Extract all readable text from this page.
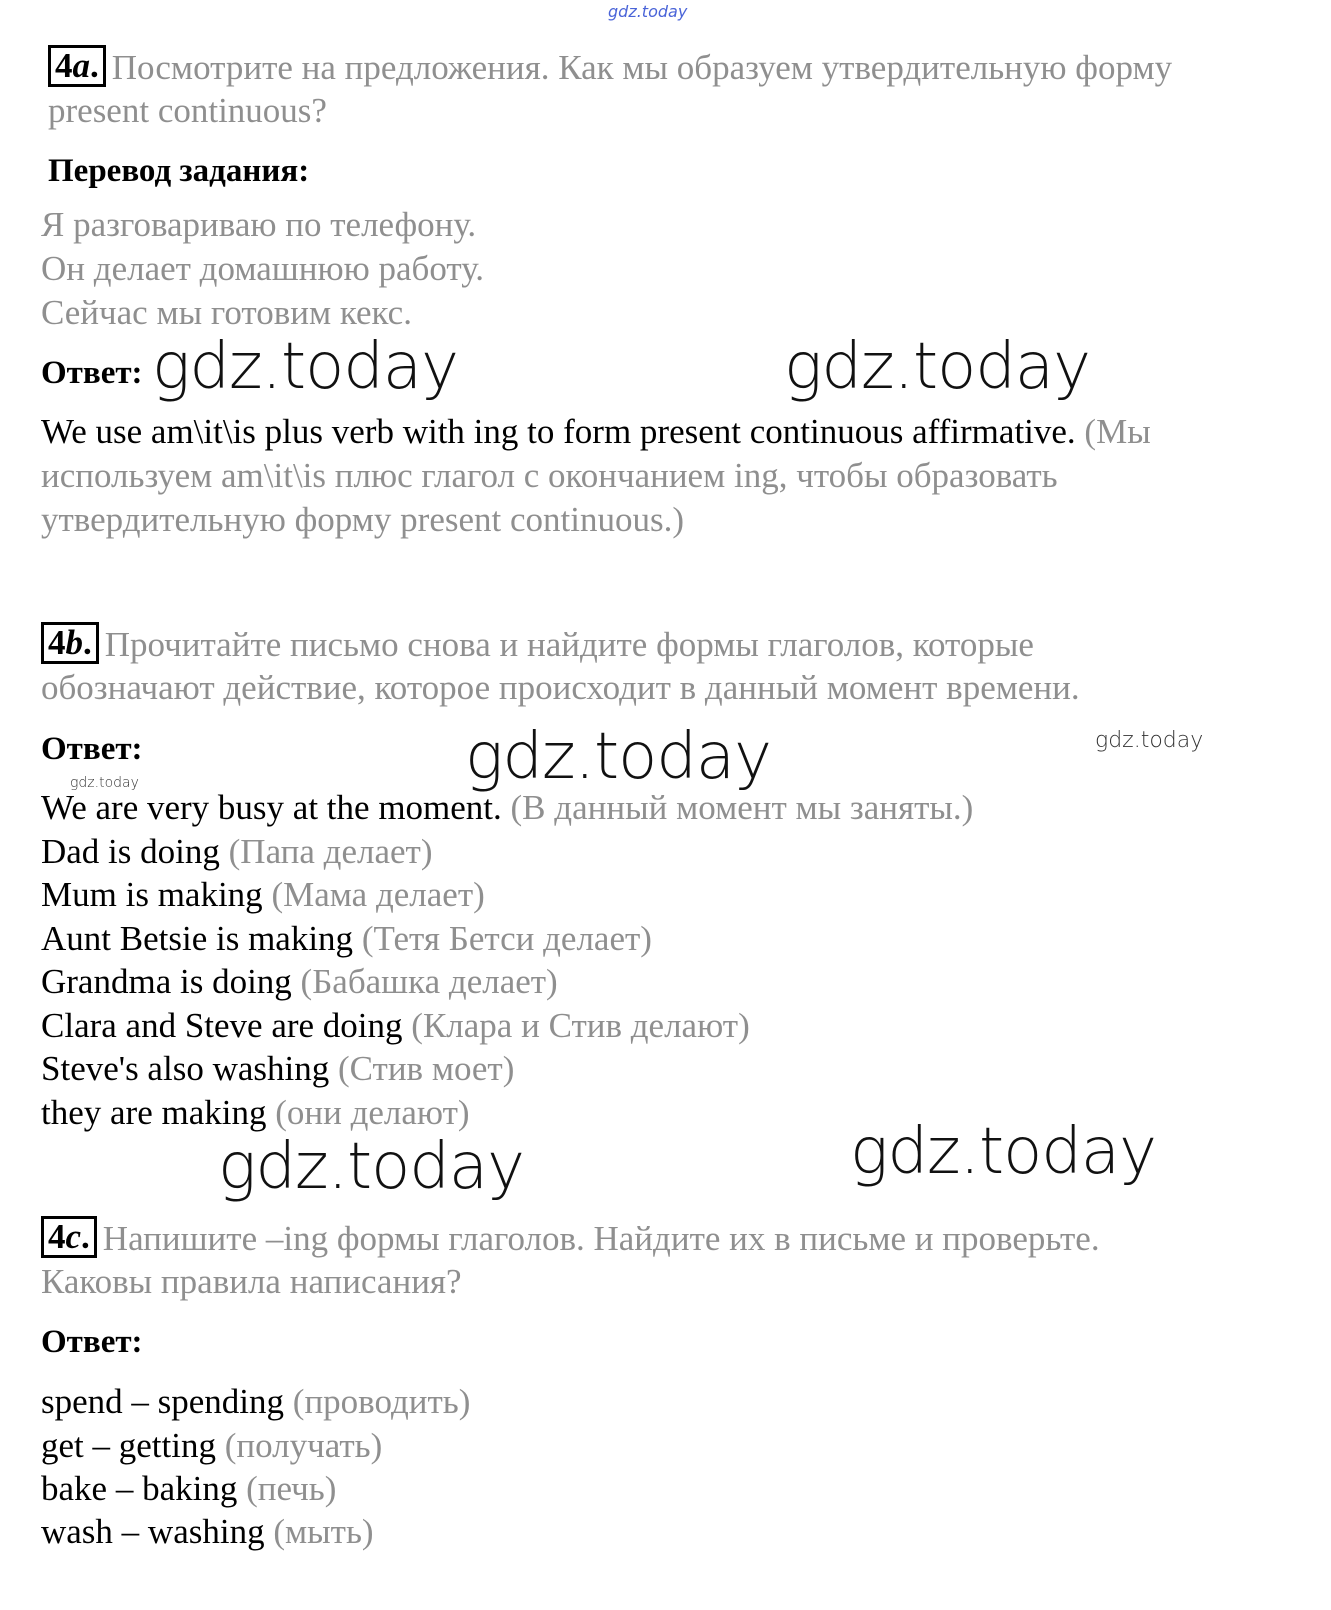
gdz.today
4a. Посмотрите на предложения. Как мы образуем утвердительную форму
present continuous?
Перевод задания:
Я разговариваю по телефону.
Он делает домашнюю работу.
Сейчас мы готовим кекс.
Ответ: gdz.today	gdz.today
We use am\it\is plus verb with ing to form present continuous affirmative. (Мы
используем am\it\is плюс глагол с окончанием ing, чтобы образовать
утвердительную форму present continuous.)
4b. Прочитайте письмо снова и найдите формы глаголов, которые
обозначают действие, которое происходит в данный момент времени.
Ответ:	gdz.today	gdz.today
gdz.today
We are very busy at the moment. (В данный момент мы заняты.)
Dad is doing (Папа делает)
Mum is making (Мама делает)
Aunt Betsie is making (Тетя Бетси делает)
Grandma is doing (Бабашка делает)
Clara and Steve are doing (Клара и Стив делают)
Steve's also washing (Стив моет)
they are making (они делают)
gdz.today	gdz.today
4c. Напишите –ing формы глаголов. Найдите их в письме и проверьте.
Каковы правила написания?
Ответ:
spend – spending (проводить)
get – getting (получать)
bake – baking (печь)
wash – washing (мыть)
